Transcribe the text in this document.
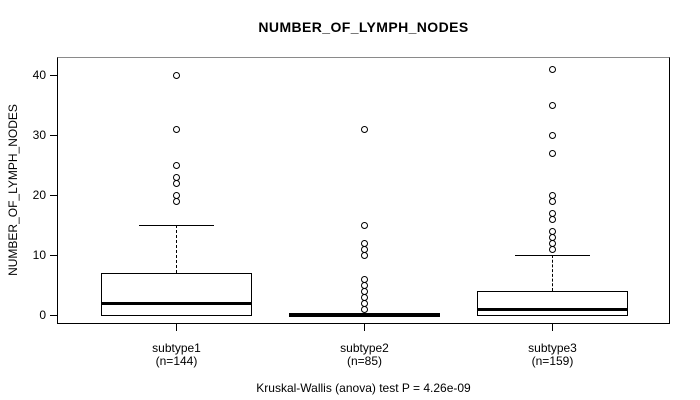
NUMBER_OF_LYMPH_NODES
NUMBER_OF_LYMPH_NODES
0
10
20
30
40
subtype1
(n=144)
subtype2
(n=85)
subtype3
(n=159)
Kruskal-Wallis (anova) test P = 4.26e-09
